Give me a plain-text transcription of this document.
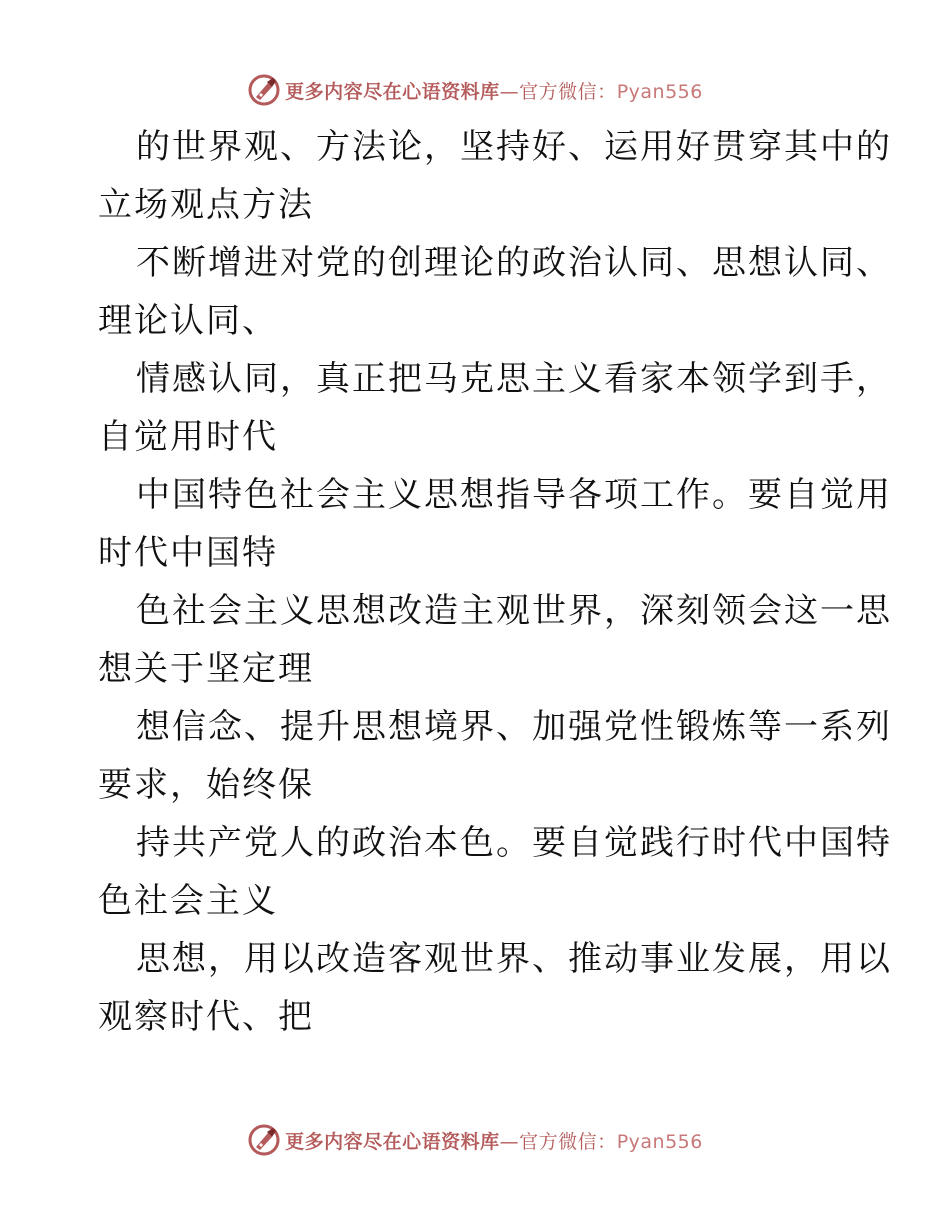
更多内容尽在心语资料库—官方微信：Pyan556
的世界观、方法论，坚持好、运用好贯穿其中的
立场观点方法
不断增进对党的创理论的政治认同、思想认同、
理论认同、
情感认同，真正把马克思主义看家本领学到手，
自觉用时代
中国特色社会主义思想指导各项工作。要自觉用
时代中国特
色社会主义思想改造主观世界，深刻领会这一思
想关于坚定理
想信念、提升思想境界、加强党性锻炼等一系列
要求，始终保
持共产党人的政治本色。要自觉践行时代中国特
色社会主义
思想，用以改造客观世界、推动事业发展，用以
观察时代、把
更多内容尽在心语资料库—官方微信：Pyan556
